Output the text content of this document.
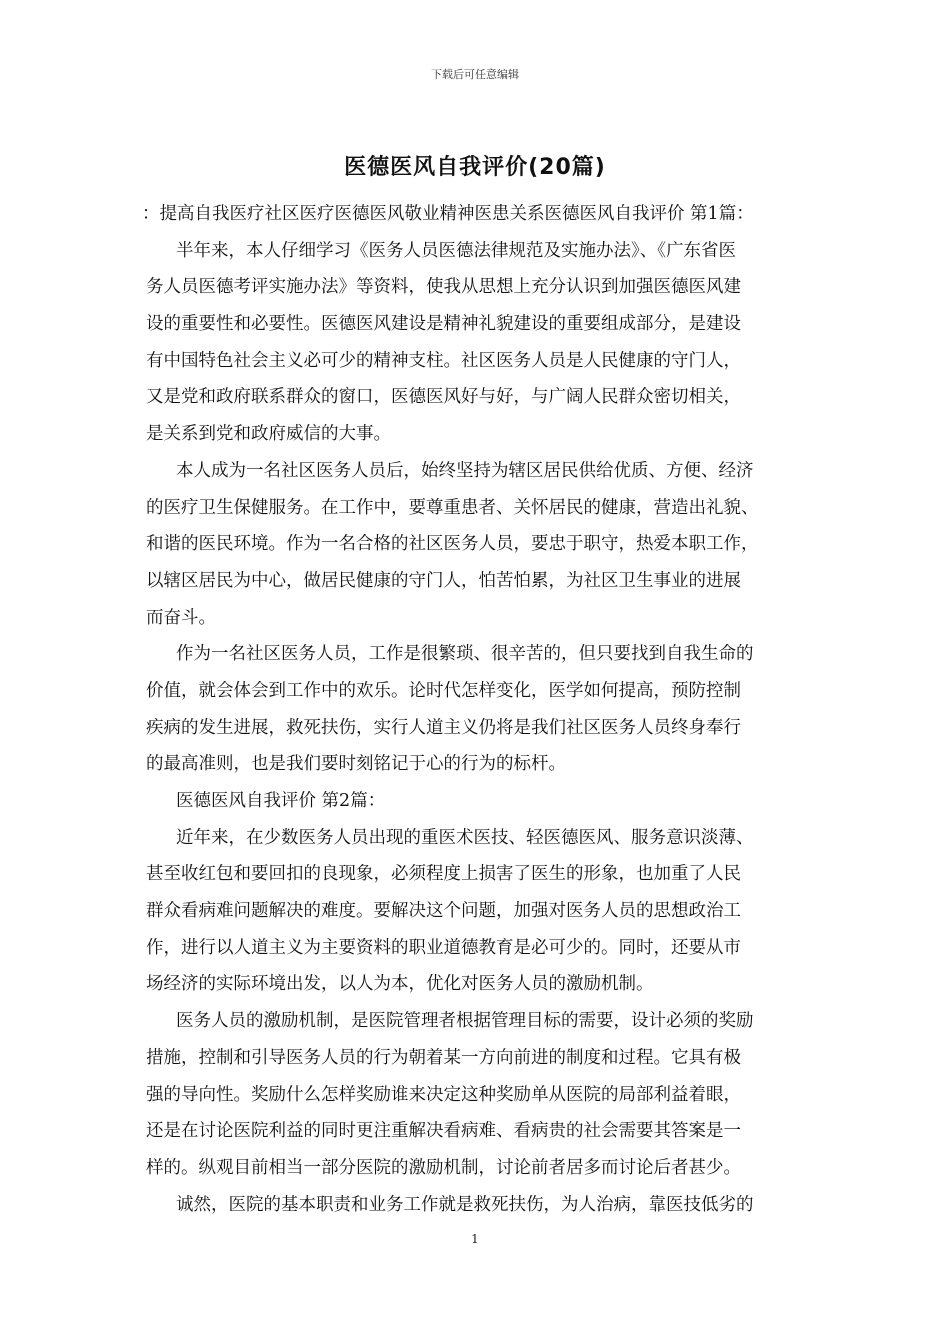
下载后可任意编辑
医德医风自我评价(20篇)
：提高自我医疗社区医疗医德医风敬业精神医患关系医德医风自我评价 第1篇：
半年来，本人仔细学习《医务人员医德法律规范及实施办法》、《广东省医
务人员医德考评实施办法》等资料，使我从思想上充分认识到加强医德医风建
设的重要性和必要性。医德医风建设是精神礼貌建设的重要组成部分，是建设
有中国特色社会主义必可少的精神支柱。社区医务人员是人民健康的守门人，
又是党和政府联系群众的窗口，医德医风好与好，与广阔人民群众密切相关，
是关系到党和政府威信的大事。
本人成为一名社区医务人员后，始终坚持为辖区居民供给优质、方便、经济
的医疗卫生保健服务。在工作中，要尊重患者、关怀居民的健康，营造出礼貌、
和谐的医民环境。作为一名合格的社区医务人员，要忠于职守，热爱本职工作，
以辖区居民为中心，做居民健康的守门人，怕苦怕累，为社区卫生事业的进展
而奋斗。
作为一名社区医务人员，工作是很繁琐、很辛苦的，但只要找到自我生命的
价值，就会体会到工作中的欢乐。论时代怎样变化，医学如何提高，预防控制
疾病的发生进展，救死扶伤，实行人道主义仍将是我们社区医务人员终身奉行
的最高准则，也是我们要时刻铭记于心的行为的标杆。
医德医风自我评价 第2篇：
近年来，在少数医务人员出现的重医术医技、轻医德医风、服务意识淡薄、
甚至收红包和要回扣的良现象，必须程度上损害了医生的形象，也加重了人民
群众看病难问题解决的难度。要解决这个问题，加强对医务人员的思想政治工
作，进行以人道主义为主要资料的职业道德教育是必可少的。同时，还要从市
场经济的实际环境出发，以人为本，优化对医务人员的激励机制。
医务人员的激励机制，是医院管理者根据管理目标的需要，设计必须的奖励
措施，控制和引导医务人员的行为朝着某一方向前进的制度和过程。它具有极
强的导向性。奖励什么怎样奖励谁来决定这种奖励单从医院的局部利益着眼，
还是在讨论医院利益的同时更注重解决看病难、看病贵的社会需要其答案是一
样的。纵观目前相当一部分医院的激励机制，讨论前者居多而讨论后者甚少。
诚然，医院的基本职责和业务工作就是救死扶伤，为人治病，靠医技低劣的
1
